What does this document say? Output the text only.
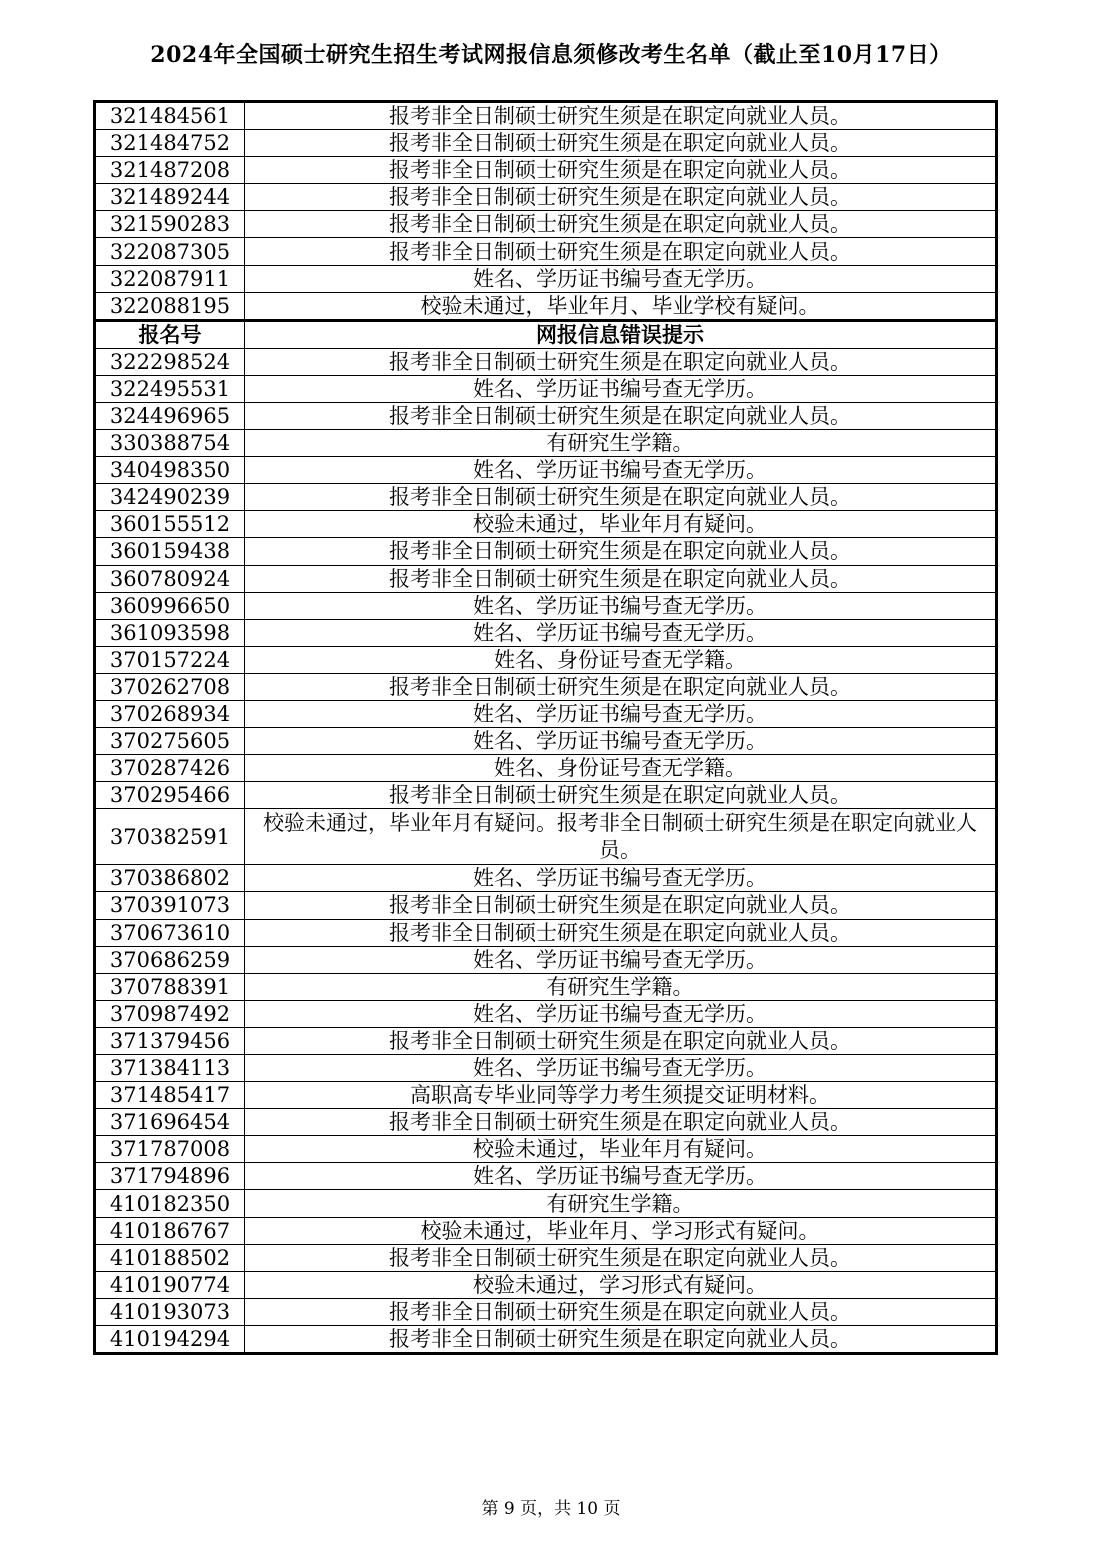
2024年全国硕士研究生招生考试网报信息须修改考生名单（截止至10月17日）
321484561	报考非全日制硕士研究生须是在职定向就业人员。
321484752	报考非全日制硕士研究生须是在职定向就业人员。
321487208	报考非全日制硕士研究生须是在职定向就业人员。
321489244	报考非全日制硕士研究生须是在职定向就业人员。
321590283	报考非全日制硕士研究生须是在职定向就业人员。
322087305	报考非全日制硕士研究生须是在职定向就业人员。
322087911	姓名、学历证书编号查无学历。
322088195	校验未通过，毕业年月、毕业学校有疑问。
报名号	网报信息错误提示
322298524	报考非全日制硕士研究生须是在职定向就业人员。
322495531	姓名、学历证书编号查无学历。
324496965	报考非全日制硕士研究生须是在职定向就业人员。
330388754	有研究生学籍。
340498350	姓名、学历证书编号查无学历。
342490239	报考非全日制硕士研究生须是在职定向就业人员。
360155512	校验未通过，毕业年月有疑问。
360159438	报考非全日制硕士研究生须是在职定向就业人员。
360780924	报考非全日制硕士研究生须是在职定向就业人员。
360996650	姓名、学历证书编号查无学历。
361093598	姓名、学历证书编号查无学历。
370157224	姓名、身份证号查无学籍。
370262708	报考非全日制硕士研究生须是在职定向就业人员。
370268934	姓名、学历证书编号查无学历。
370275605	姓名、学历证书编号查无学历。
370287426	姓名、身份证号查无学籍。
370295466	报考非全日制硕士研究生须是在职定向就业人员。
370382591	校验未通过，毕业年月有疑问。报考非全日制硕士研究生须是在职定向就业人员。
370386802	姓名、学历证书编号查无学历。
370391073	报考非全日制硕士研究生须是在职定向就业人员。
370673610	报考非全日制硕士研究生须是在职定向就业人员。
370686259	姓名、学历证书编号查无学历。
370788391	有研究生学籍。
370987492	姓名、学历证书编号查无学历。
371379456	报考非全日制硕士研究生须是在职定向就业人员。
371384113	姓名、学历证书编号查无学历。
371485417	高职高专毕业同等学力考生须提交证明材料。
371696454	报考非全日制硕士研究生须是在职定向就业人员。
371787008	校验未通过，毕业年月有疑问。
371794896	姓名、学历证书编号查无学历。
410182350	有研究生学籍。
410186767	校验未通过，毕业年月、学习形式有疑问。
410188502	报考非全日制硕士研究生须是在职定向就业人员。
410190774	校验未通过，学习形式有疑问。
410193073	报考非全日制硕士研究生须是在职定向就业人员。
410194294	报考非全日制硕士研究生须是在职定向就业人员。
第 9 页，共 10 页
